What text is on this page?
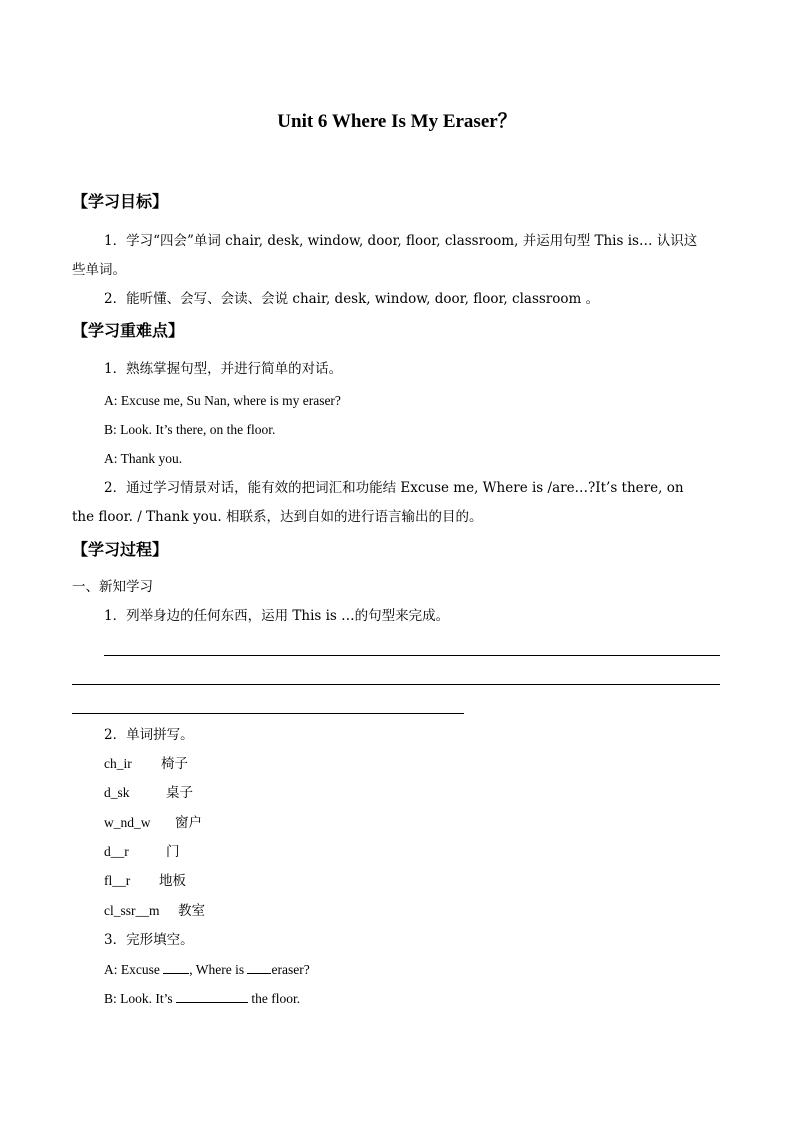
Unit 6 Where Is My Eraser？
【学习目标】
1．学习“四会”单词 chair, desk, window, door, floor, classroom, 并运用句型 This is… 认识这
些单词。
2．能听懂、会写、会读、会说 chair, desk, window, door, floor, classroom 。
【学习重难点】
1．熟练掌握句型，并进行简单的对话。
A: Excuse me, Su Nan, where is my eraser?
B: Look. It’s there, on the floor.
A: Thank you.
2．通过学习情景对话，能有效的把词汇和功能结 Excuse me, Where is /are…?It’s there, on
the floor. / Thank you. 相联系，达到自如的进行语言输出的目的。
【学习过程】
一、新知学习
1．列举身边的任何东西，运用 This is …的句型来完成。
2．单词拼写。
ch_ir 椅子
d_sk	桌子
w_nd_w 窗户
d__r	门
fl__r 地板
cl_ssr__m 教室
3．完形填空。
A: Excuse , Where is eraser?
B: Look. It’s	the floor.
